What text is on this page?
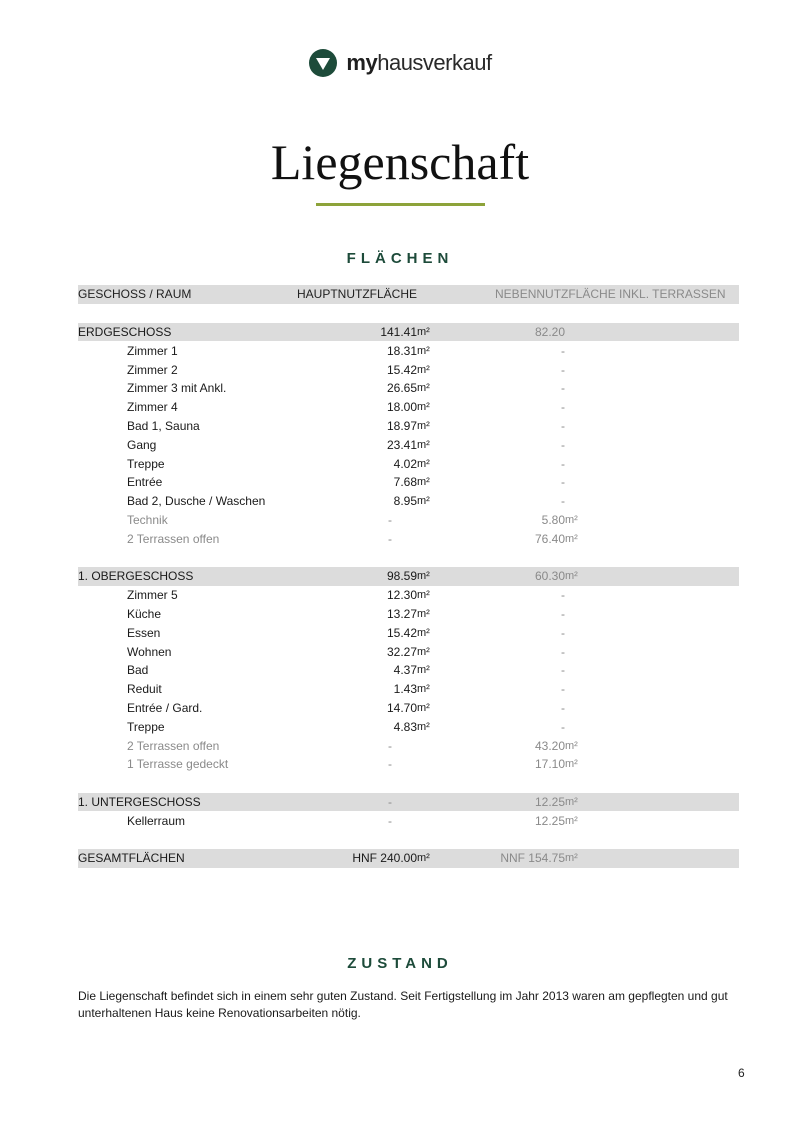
myhausverkauf
Liegenschaft
FLÄCHEN
GESCHOSS / RAUM	HAUPTNUTZFLÄCHE		NEBENNUTZFLÄCHE INKL. TERRASSEN	

ERDGESCHOSS	141.41	m²	82.20	
Zimmer 1	18.31	m²	-	
Zimmer 2	15.42	m²	-	
Zimmer 3 mit Ankl.	26.65	m²	-	
Zimmer 4	18.00	m²	-	
Bad 1, Sauna	18.97	m²	-	
Gang	23.41	m²	-	
Treppe	4.02	m²	-	
Entrée	7.68	m²	-	
Bad 2, Dusche / Waschen	8.95	m²	-	
Technik	-		5.80	m²
2 Terrassen offen	-		76.40	m²

1. OBERGESCHOSS	98.59	m²	60.30	m²
Zimmer 5	12.30	m²	-	
Küche	13.27	m²	-	
Essen	15.42	m²	-	
Wohnen	32.27	m²	-	
Bad	4.37	m²	-	
Reduit	1.43	m²	-	
Entrée / Gard.	14.70	m²	-	
Treppe	4.83	m²	-	
2 Terrassen offen	-		43.20	m²
1 Terrasse gedeckt	-		17.10	m²

1. UNTERGESCHOSS	-		12.25	m²
Kellerraum	-		12.25	m²

GESAMTFLÄCHEN	HNF 240.00	m²	NNF 154.75	m²
ZUSTAND
Die Liegenschaft befindet sich in einem sehr guten Zustand. Seit Fertigstellung im Jahr 2013 waren am gepflegten und gut unterhaltenen Haus keine Renovationsarbeiten nötig.
6
